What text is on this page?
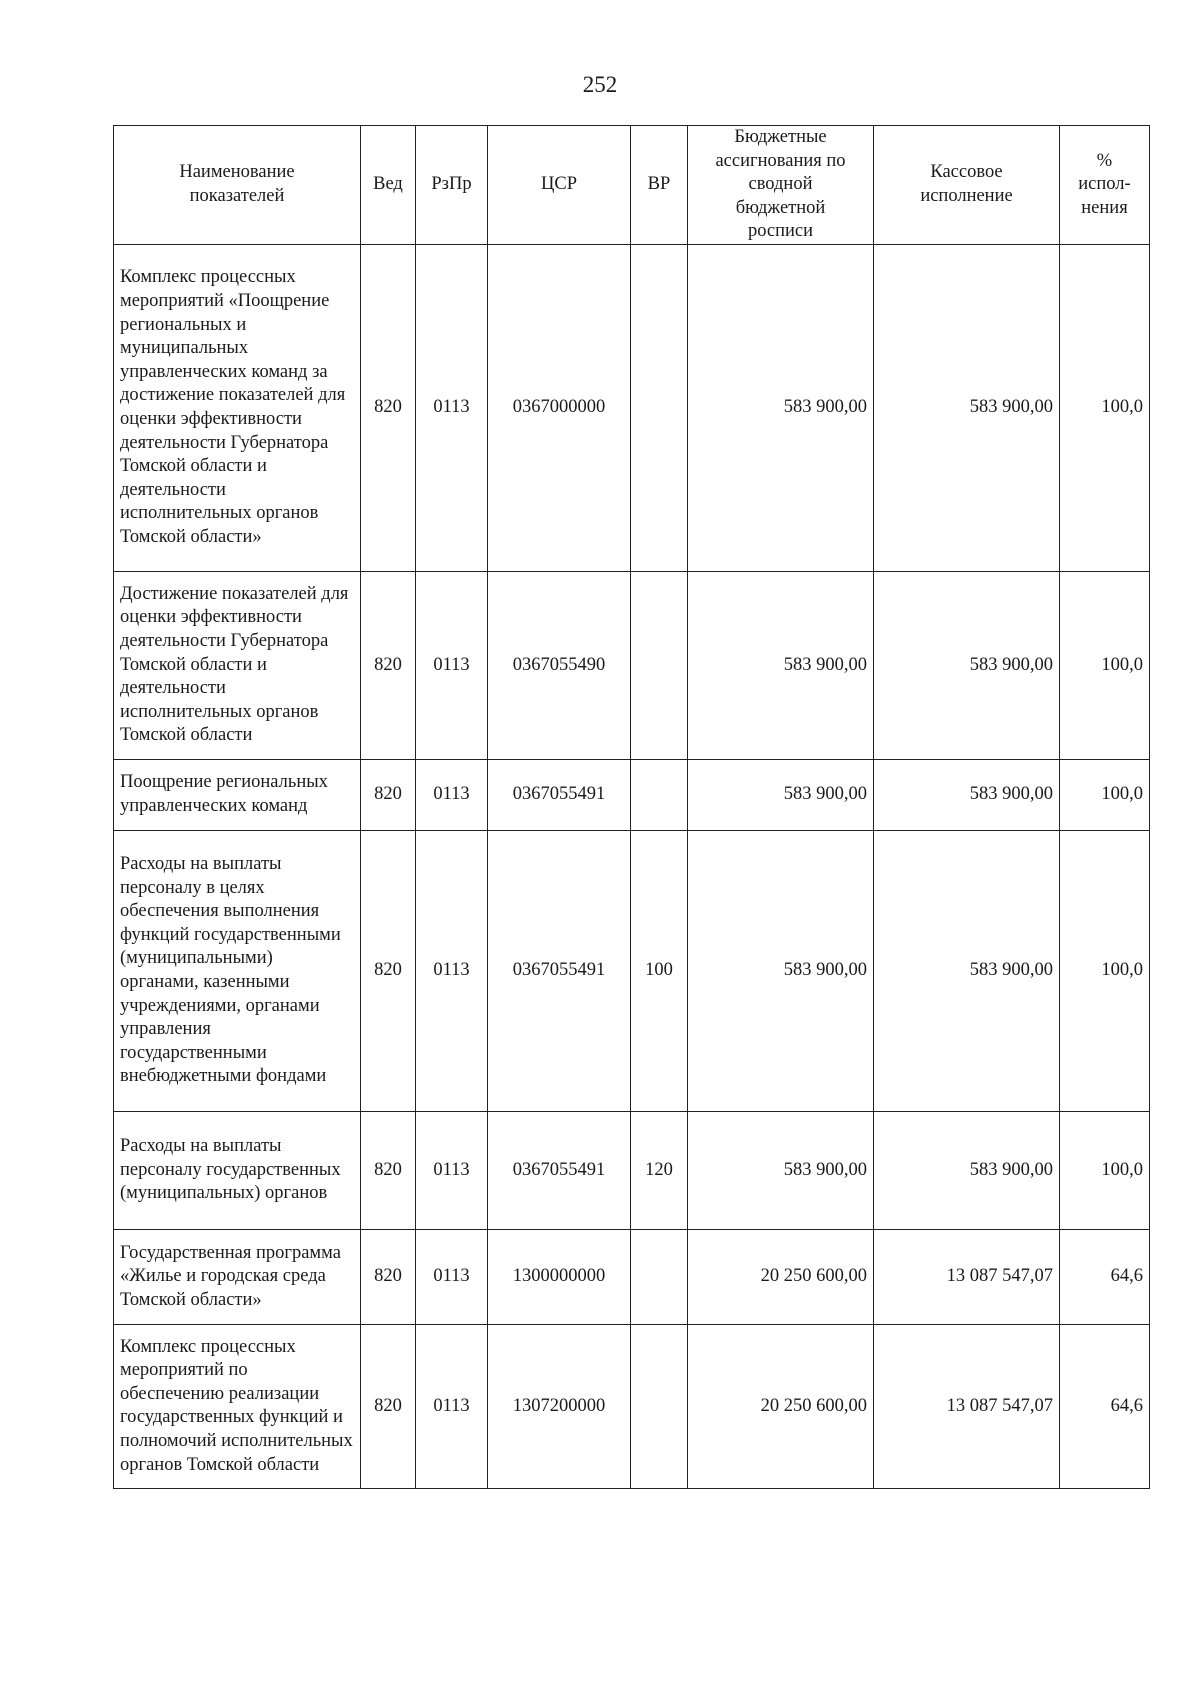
252
Наименование показателей	Вед	РзПр	ЦСР	ВР	Бюджетные ассигнования по сводной бюджетной росписи	Кассовое исполнение	% испол-нения
Комплекс процессных мероприятий «Поощрение региональных и муниципальных управленческих команд за достижение показателей для оценки эффективности деятельности Губернатора Томской области и деятельности исполнительных органов Томской области»	820	0113	0367000000		583 900,00	583 900,00	100,0
Достижение показателей для оценки эффективности деятельности Губернатора Томской области и деятельности исполнительных органов Томской области	820	0113	0367055490		583 900,00	583 900,00	100,0
Поощрение региональных управленческих команд	820	0113	0367055491		583 900,00	583 900,00	100,0
Расходы на выплаты персоналу в целях обеспечения выполнения функций государственными (муниципальными) органами, казенными учреждениями, органами управления государственными внебюджетными фондами	820	0113	0367055491	100	583 900,00	583 900,00	100,0
Расходы на выплаты персоналу государственных (муниципальных) органов	820	0113	0367055491	120	583 900,00	583 900,00	100,0
Государственная программа «Жилье и городская среда Томской области»	820	0113	1300000000		20 250 600,00	13 087 547,07	64,6
Комплекс процессных мероприятий по обеспечению реализации государственных функций и полномочий исполнительных органов Томской области	820	0113	1307200000		20 250 600,00	13 087 547,07	64,6
